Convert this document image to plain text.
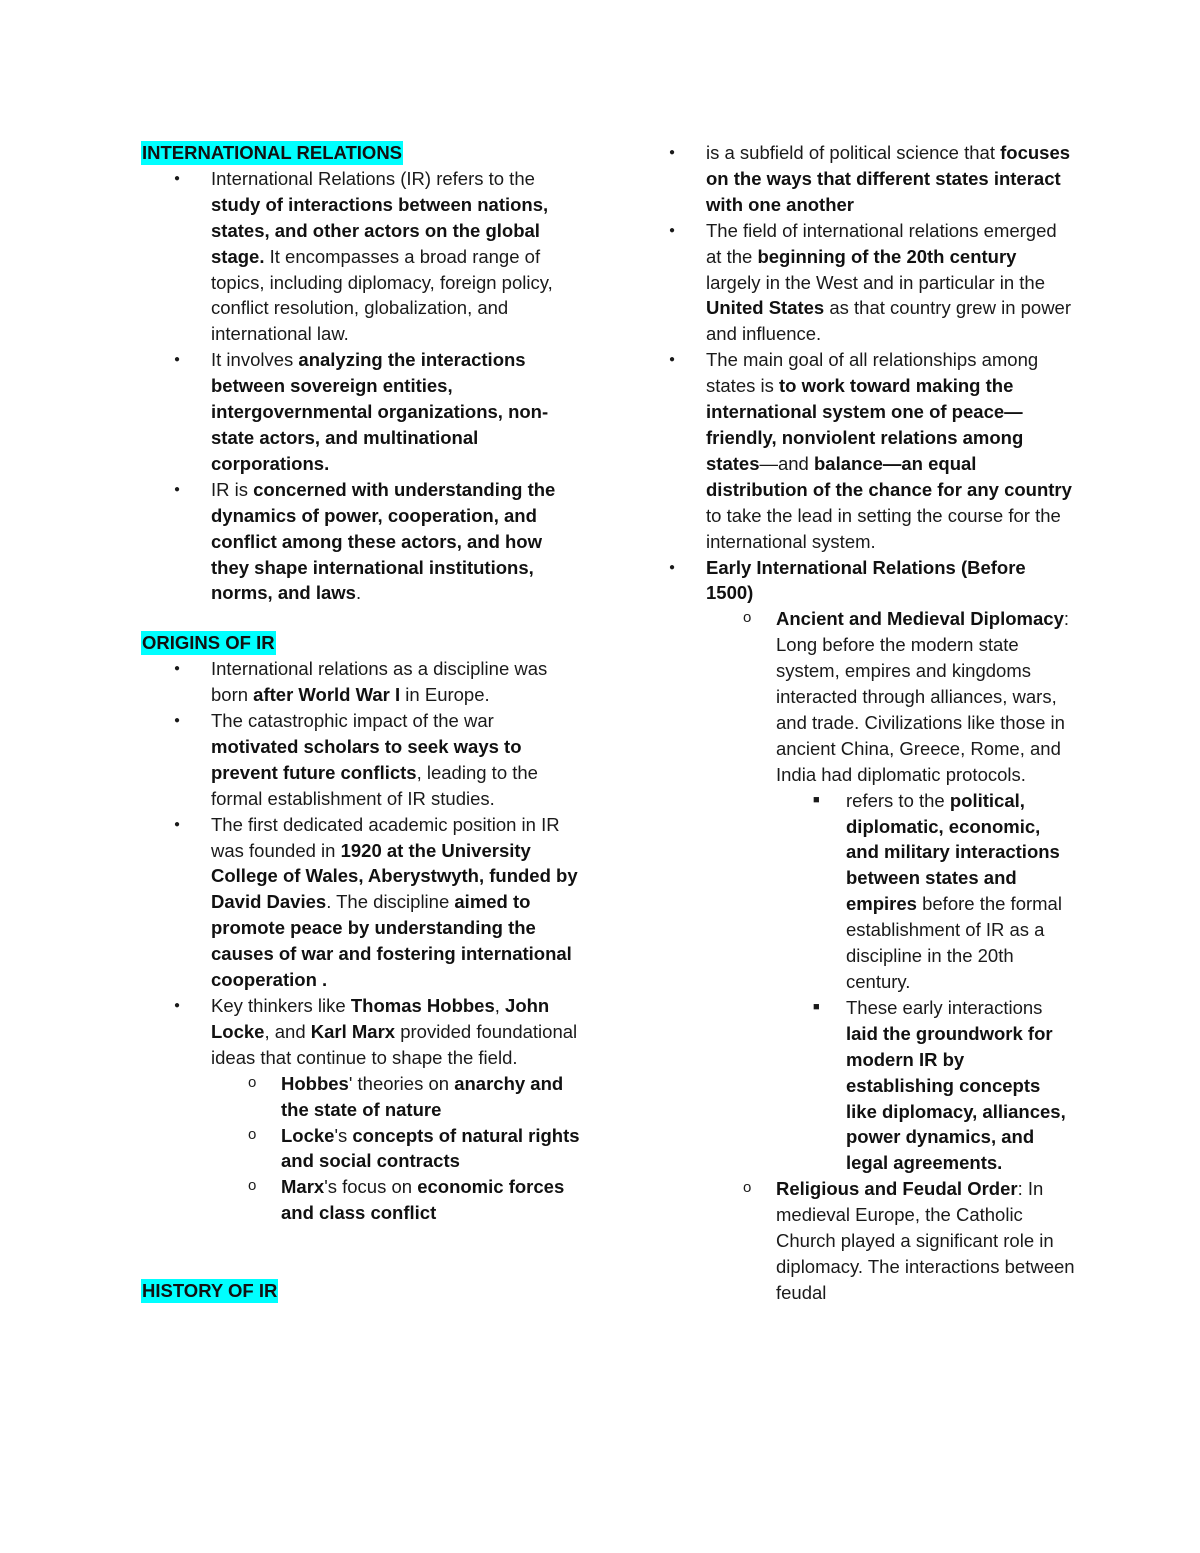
INTERNATIONAL RELATIONS
● International Relations (IR) refers to the study of interactions between nations, states, and other actors on the global stage. It encompasses a broad range of topics, including diplomacy, foreign policy, conflict resolution, globalization, and international law.
● It involves analyzing the interactions between sovereign entities, intergovernmental organizations, non-state actors, and multinational corporations.
● IR is concerned with understanding the dynamics of power, cooperation, and conflict among these actors, and how they shape international institutions, norms, and laws.
ORIGINS OF IR
● International relations as a discipline was born after World War I in Europe.
● The catastrophic impact of the war motivated scholars to seek ways to prevent future conflicts, leading to the formal establishment of IR studies.
● The first dedicated academic position in IR was founded in 1920 at the University College of Wales, Aberystwyth, funded by David Davies. The discipline aimed to promote peace by understanding the causes of war and fostering international cooperation .
● Key thinkers like Thomas Hobbes, John Locke, and Karl Marx provided foundational ideas that continue to shape the field.
o Hobbes' theories on anarchy and the state of nature
o Locke's concepts of natural rights and social contracts
o Marx's focus on economic forces and class conflict
HISTORY OF IR
● is a subfield of political science that focuses on the ways that different states interact with one another
● The field of international relations emerged at the beginning of the 20th century largely in the West and in particular in the United States as that country grew in power and influence.
● The main goal of all relationships among states is to work toward making the international system one of peace—friendly, nonviolent relations among states—and balance—an equal distribution of the chance for any country to take the lead in setting the course for the international system.
● Early International Relations (Before 1500)
o Ancient and Medieval Diplomacy: Long before the modern state system, empires and kingdoms interacted through alliances, wars, and trade. Civilizations like those in ancient China, Greece, Rome, and India had diplomatic protocols.
■ refers to the political, diplomatic, economic, and military interactions between states and empires before the formal establishment of IR as a discipline in the 20th century.
■ These early interactions laid the groundwork for modern IR by establishing concepts like diplomacy, alliances, power dynamics, and legal agreements.
o Religious and Feudal Order: In medieval Europe, the Catholic Church played a significant role in diplomacy. The interactions between feudal
